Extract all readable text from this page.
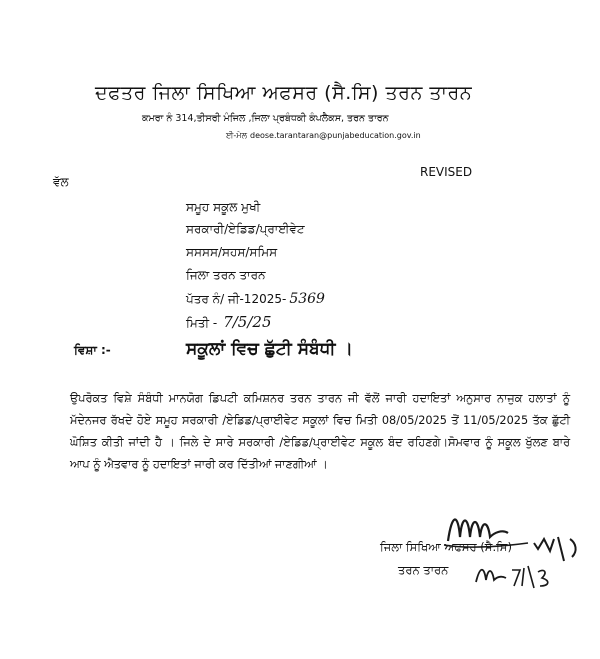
ਦਫਤਰ ਜਿਲਾ ਸਿਖਿਆ ਅਫਸਰ (ਸੈ.ਸਿ) ਤਰਨ ਤਾਰਨ
ਕਮਰਾ ਨੰ 314,ਤੀਸਰੀ ਮੰਜਿਲ ,ਜਿਲਾ ਪ੍ਰਬੰਧਕੀ ਕੰਪਲੈਕਸ, ਤਰਨ ਤਾਰਨ
ਈ-ਮੇਲ deose.tarantaran@punjabeducation.gov.in
REVISED
ਵੱਲ
ਸਮੂਹ ਸਕੂਲ ਮੁਖੀ
ਸਰਕਾਰੀ/ਏਡਿਡ/ਪ੍ਰਾਈਵੇਟ
ਸਸਸਸ/ਸਹਸ/ਸਮਿਸ
ਜਿਲਾ ਤਰਨ ਤਾਰਨ
ਪੱਤਰ ਨੰ/ ਜੀ-12025- 5369
ਮਿਤੀ - 7/5/25
ਵਿਸ਼ਾ :-	ਸਕੂਲਾਂ ਵਿਚ ਛੁੱਟੀ ਸੰਬੰਧੀ ।
ਉਪਰੋਕਤ ਵਿਸ਼ੇ ਸੰਬੰਧੀ ਮਾਨਯੋਗ ਡਿਪਟੀ ਕਮਿਸ਼ਨਰ ਤਰਨ ਤਾਰਨ ਜੀ ਵੱਲੋਂ ਜਾਰੀ ਹਦਾਇਤਾਂ ਅਨੁਸਾਰ ਨਾਜੁਕ ਹਲਾਤਾਂ ਨੂੰ ਮੱਦੇਨਜਰ ਰੱਖਦੇ ਹੋਏ ਸਮੂਹ ਸਰਕਾਰੀ /ਏਡਿਡ/ਪ੍ਰਾਈਵੇਟ ਸਕੂਲਾਂ ਵਿਚ ਮਿਤੀ 08/05/2025 ਤੋਂ 11/05/2025 ਤੱਕ ਛੁੱਟੀ ਘੋਸ਼ਿਤ ਕੀਤੀ ਜਾਂਦੀ ਹੈ । ਜਿਲੇ ਦੇ ਸਾਰੇ ਸਰਕਾਰੀ /ਏਡਿਡ/ਪ੍ਰਾਈਵੇਟ ਸਕੂਲ ਬੰਦ ਰਹਿਣਗੇ।ਸੋਮਵਾਰ ਨੂੰ ਸਕੂਲ ਖੁੱਲਣ ਬਾਰੇ ਆਪ ਨੂੰ ਐਤਵਾਰ ਨੂੰ ਹਦਾਇਤਾਂ ਜਾਰੀ ਕਰ ਦਿੱਤੀਆਂ ਜਾਣਗੀਆਂ ।
ਜਿਲਾ ਸਿਖਿਆ ਅਫਸਰ (ਸੈ.ਸਿ)
ਤਰਨ ਤਾਰਨ
